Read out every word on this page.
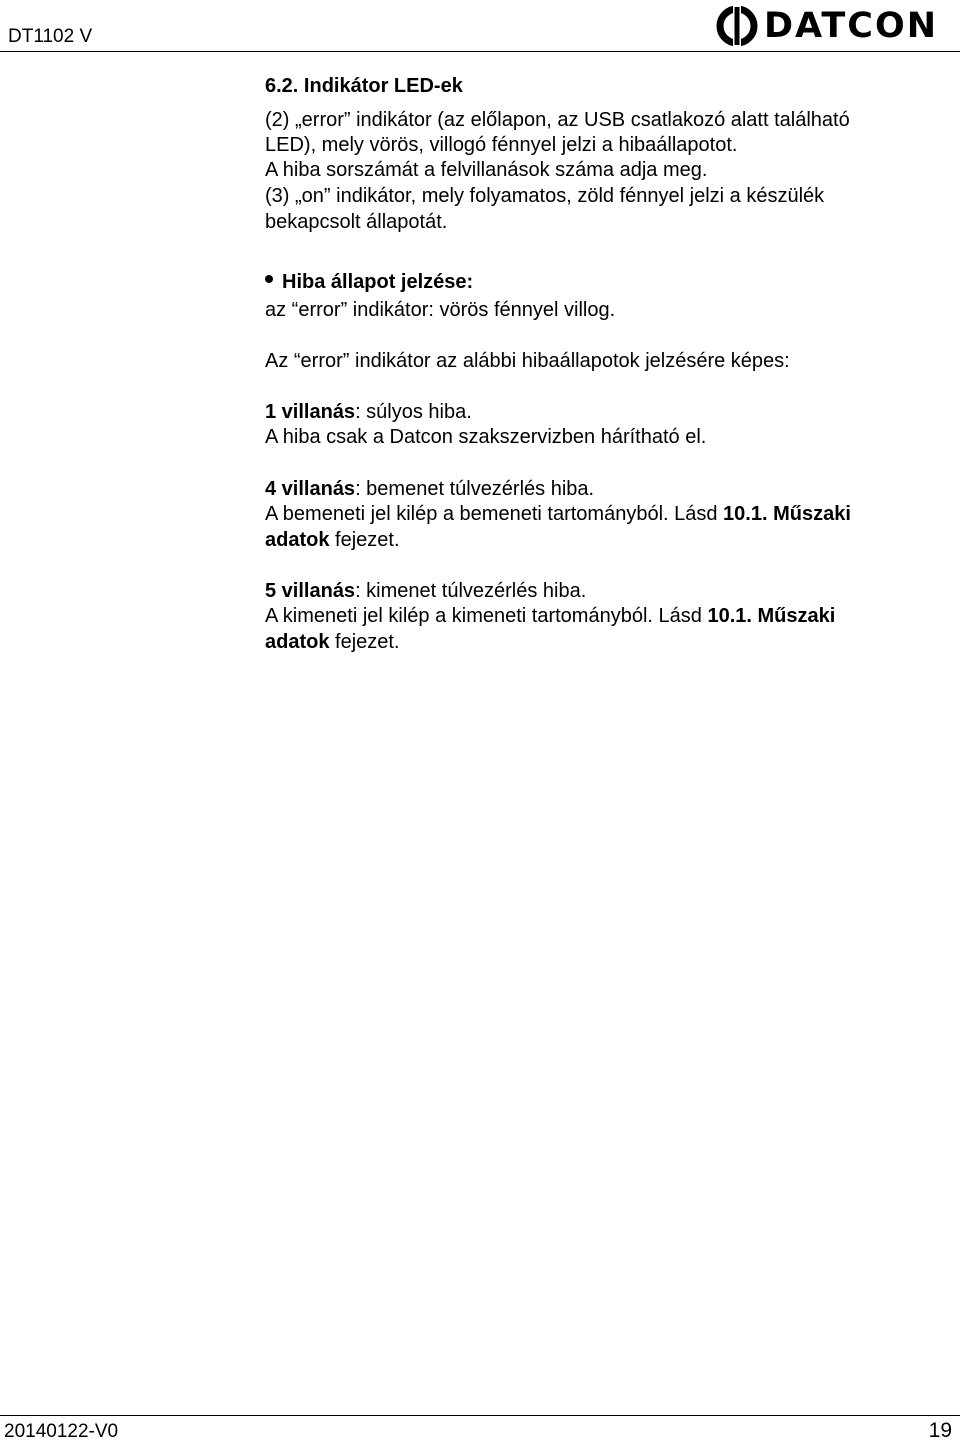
DT1102 V	DATCON
6.2. Indikátor LED-ek
(2) „error” indikátor (az előlapon, az USB csatlakozó alatt található
LED), mely vörös, villogó fénnyel jelzi a hibaállapotot.
A hiba sorszámát a felvillanások száma adja meg.
(3) „on” indikátor, mely folyamatos, zöld fénnyel jelzi a készülék
bekapcsolt állapotát.
Hiba állapot jelzése:
az “error” indikátor: vörös fénnyel villog.
Az “error” indikátor az alábbi hibaállapotok jelzésére képes:
1 villanás: súlyos hiba.
A hiba csak a Datcon szakszervizben hárítható el.
4 villanás: bemenet túlvezérlés hiba.
A bemeneti jel kilép a bemeneti tartományból. Lásd 10.1. Műszaki
adatok fejezet.
5 villanás: kimenet túlvezérlés hiba.
A kimeneti jel kilép a kimeneti tartományból. Lásd 10.1. Műszaki
adatok fejezet.
20140122-V0	19
